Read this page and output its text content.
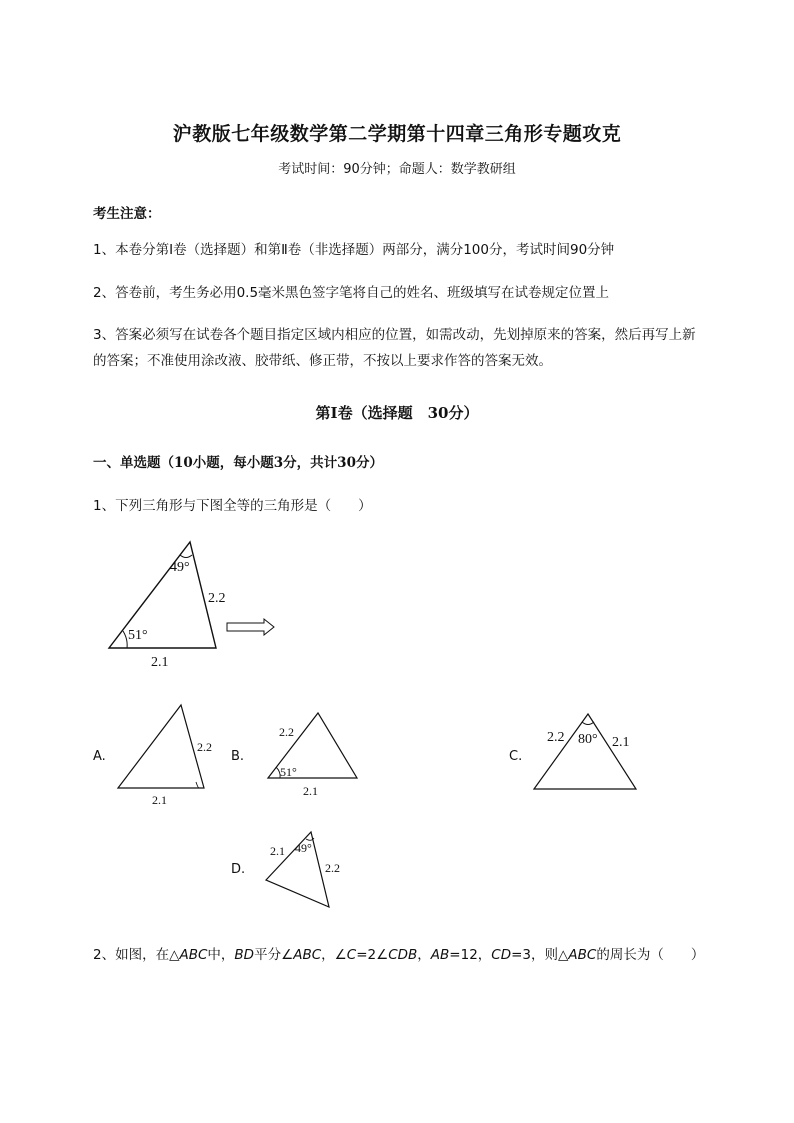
沪教版七年级数学第二学期第十四章三角形专题攻克
考试时间：90分钟；命题人：数学教研组
考生注意：
1、本卷分第I卷（选择题）和第Ⅱ卷（非选择题）两部分，满分100分，考试时间90分钟
2、答卷前，考生务必用0.5毫米黑色签字笔将自己的姓名、班级填写在试卷规定位置上
3、答案必须写在试卷各个题目指定区域内相应的位置，如需改动，先划掉原来的答案，然后再写上新
的答案；不准使用涂改液、胶带纸、修正带，不按以上要求作答的答案无效。
第I卷（选择题　30分）
一、单选题（10小题，每小题3分，共计30分）
1、下列三角形与下图全等的三角形是（　　）
49°
51°
2.2
2.1
A.
2.2
2.1
B.
2.2
51°
2.1
C.
2.2 80° 2.1
D.
2.1 49°
2.2
2、如图，在△ABC中，BD平分∠ABC，∠C=2∠CDB，AB=12，CD=3，则△ABC的周长为（　　）
